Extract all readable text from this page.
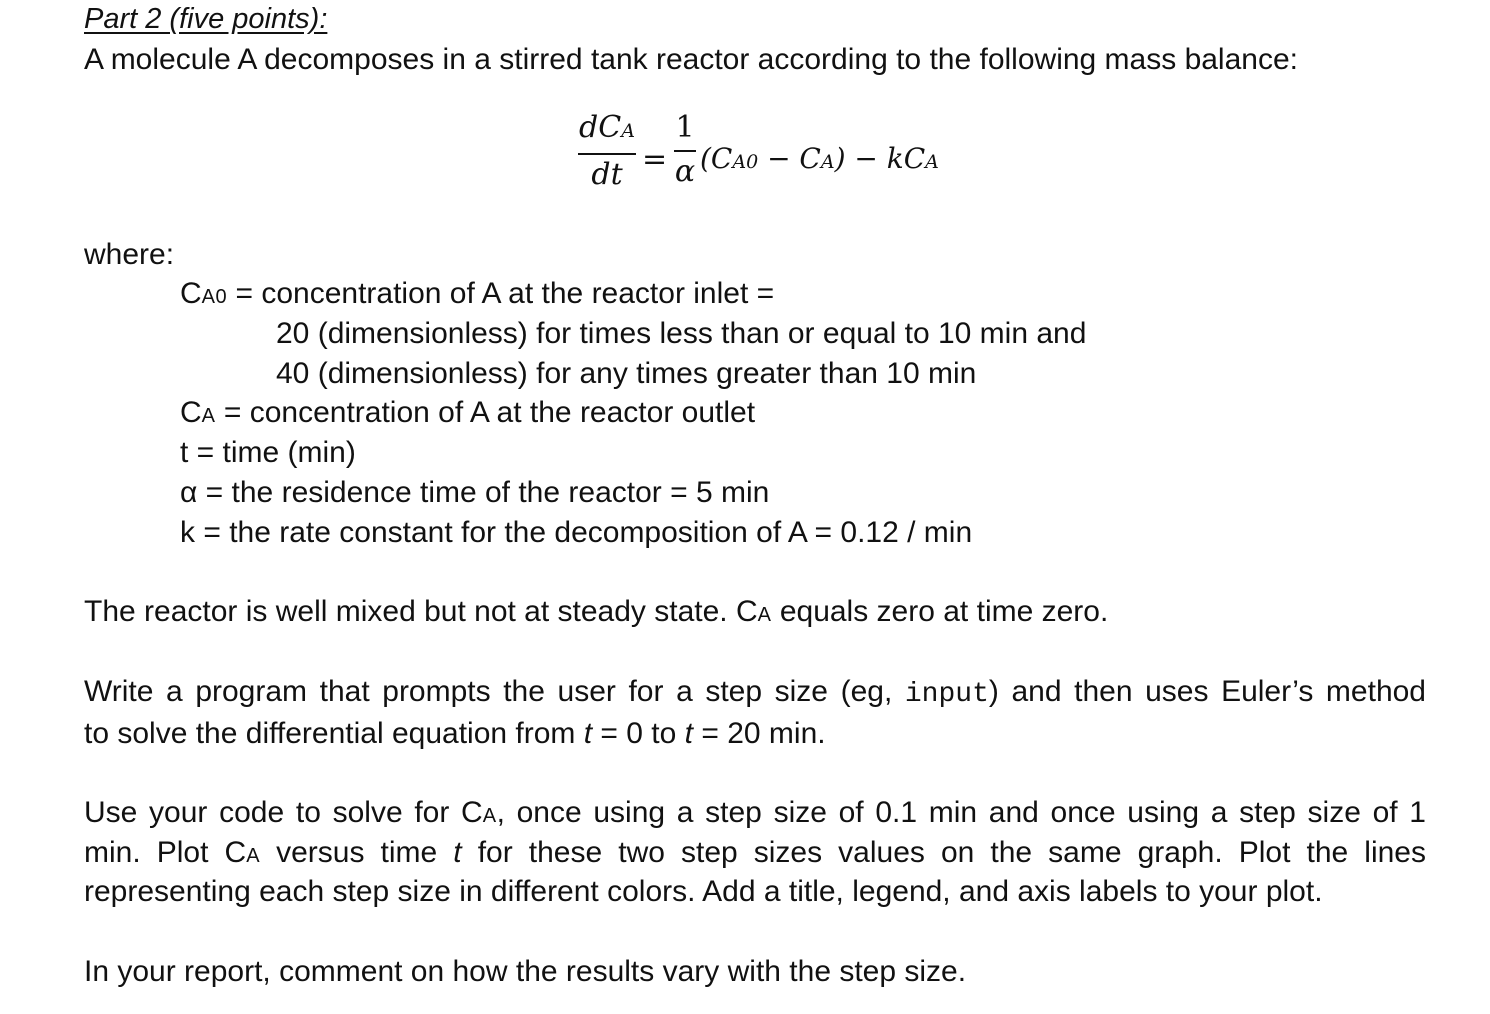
Part 2 (five points):
A molecule A decomposes in a stirred tank reactor according to the following mass balance:
dCA
dt =
1
α (CA0 − CA) − kCA
where:
CA0 = concentration of A at the reactor inlet =
20 (dimensionless) for times less than or equal to 10 min and
40 (dimensionless) for any times greater than 10 min
CA = concentration of A at the reactor outlet
t = time (min)
α = the residence time of the reactor = 5 min
k = the rate constant for the decomposition of A = 0.12 / min
The reactor is well mixed but not at steady state. CA equals zero at time zero.
Write a program that prompts the user for a step size (eg, input) and then uses Euler’s method
to solve the differential equation from t = 0 to t = 20 min.
Use your code to solve for CA, once using a step size of 0.1 min and once using a step size of 1
min. Plot CA versus time t for these two step sizes values on the same graph. Plot the lines
representing each step size in different colors. Add a title, legend, and axis labels to your plot.
In your report, comment on how the results vary with the step size.
